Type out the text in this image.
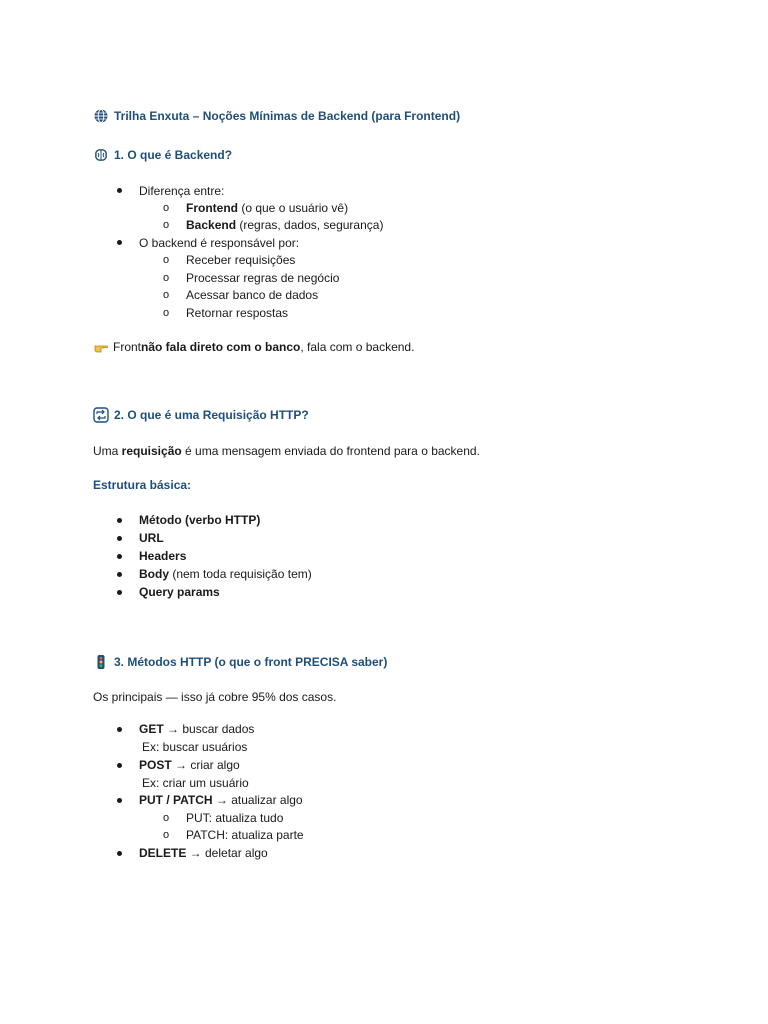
Trilha Enxuta – Noções Mínimas de Backend (para Frontend)
1. O que é Backend?
Diferença entre:
o Frontend (o que o usuário vê)
o Backend (regras, dados, segurança)
O backend é responsável por:
o Receber requisições
o Processar regras de negócio
o Acessar banco de dados
o Retornar respostas
Front não fala direto com o banco , fala com o backend.
2. O que é uma Requisição HTTP?
Uma requisição é uma mensagem enviada do frontend para o backend.
Estrutura básica:
Método (verbo HTTP)
URL
Headers
Body (nem toda requisição tem)
Query params
3. Métodos HTTP (o que o front PRECISA saber)
Os principais — isso já cobre 95% dos casos.
GET → buscar dados
Ex: buscar usuários
POST → criar algo
Ex: criar um usuário
PUT / PATCH → atualizar algo
o PUT: atualiza tudo
o PATCH: atualiza parte
DELETE → deletar algo
